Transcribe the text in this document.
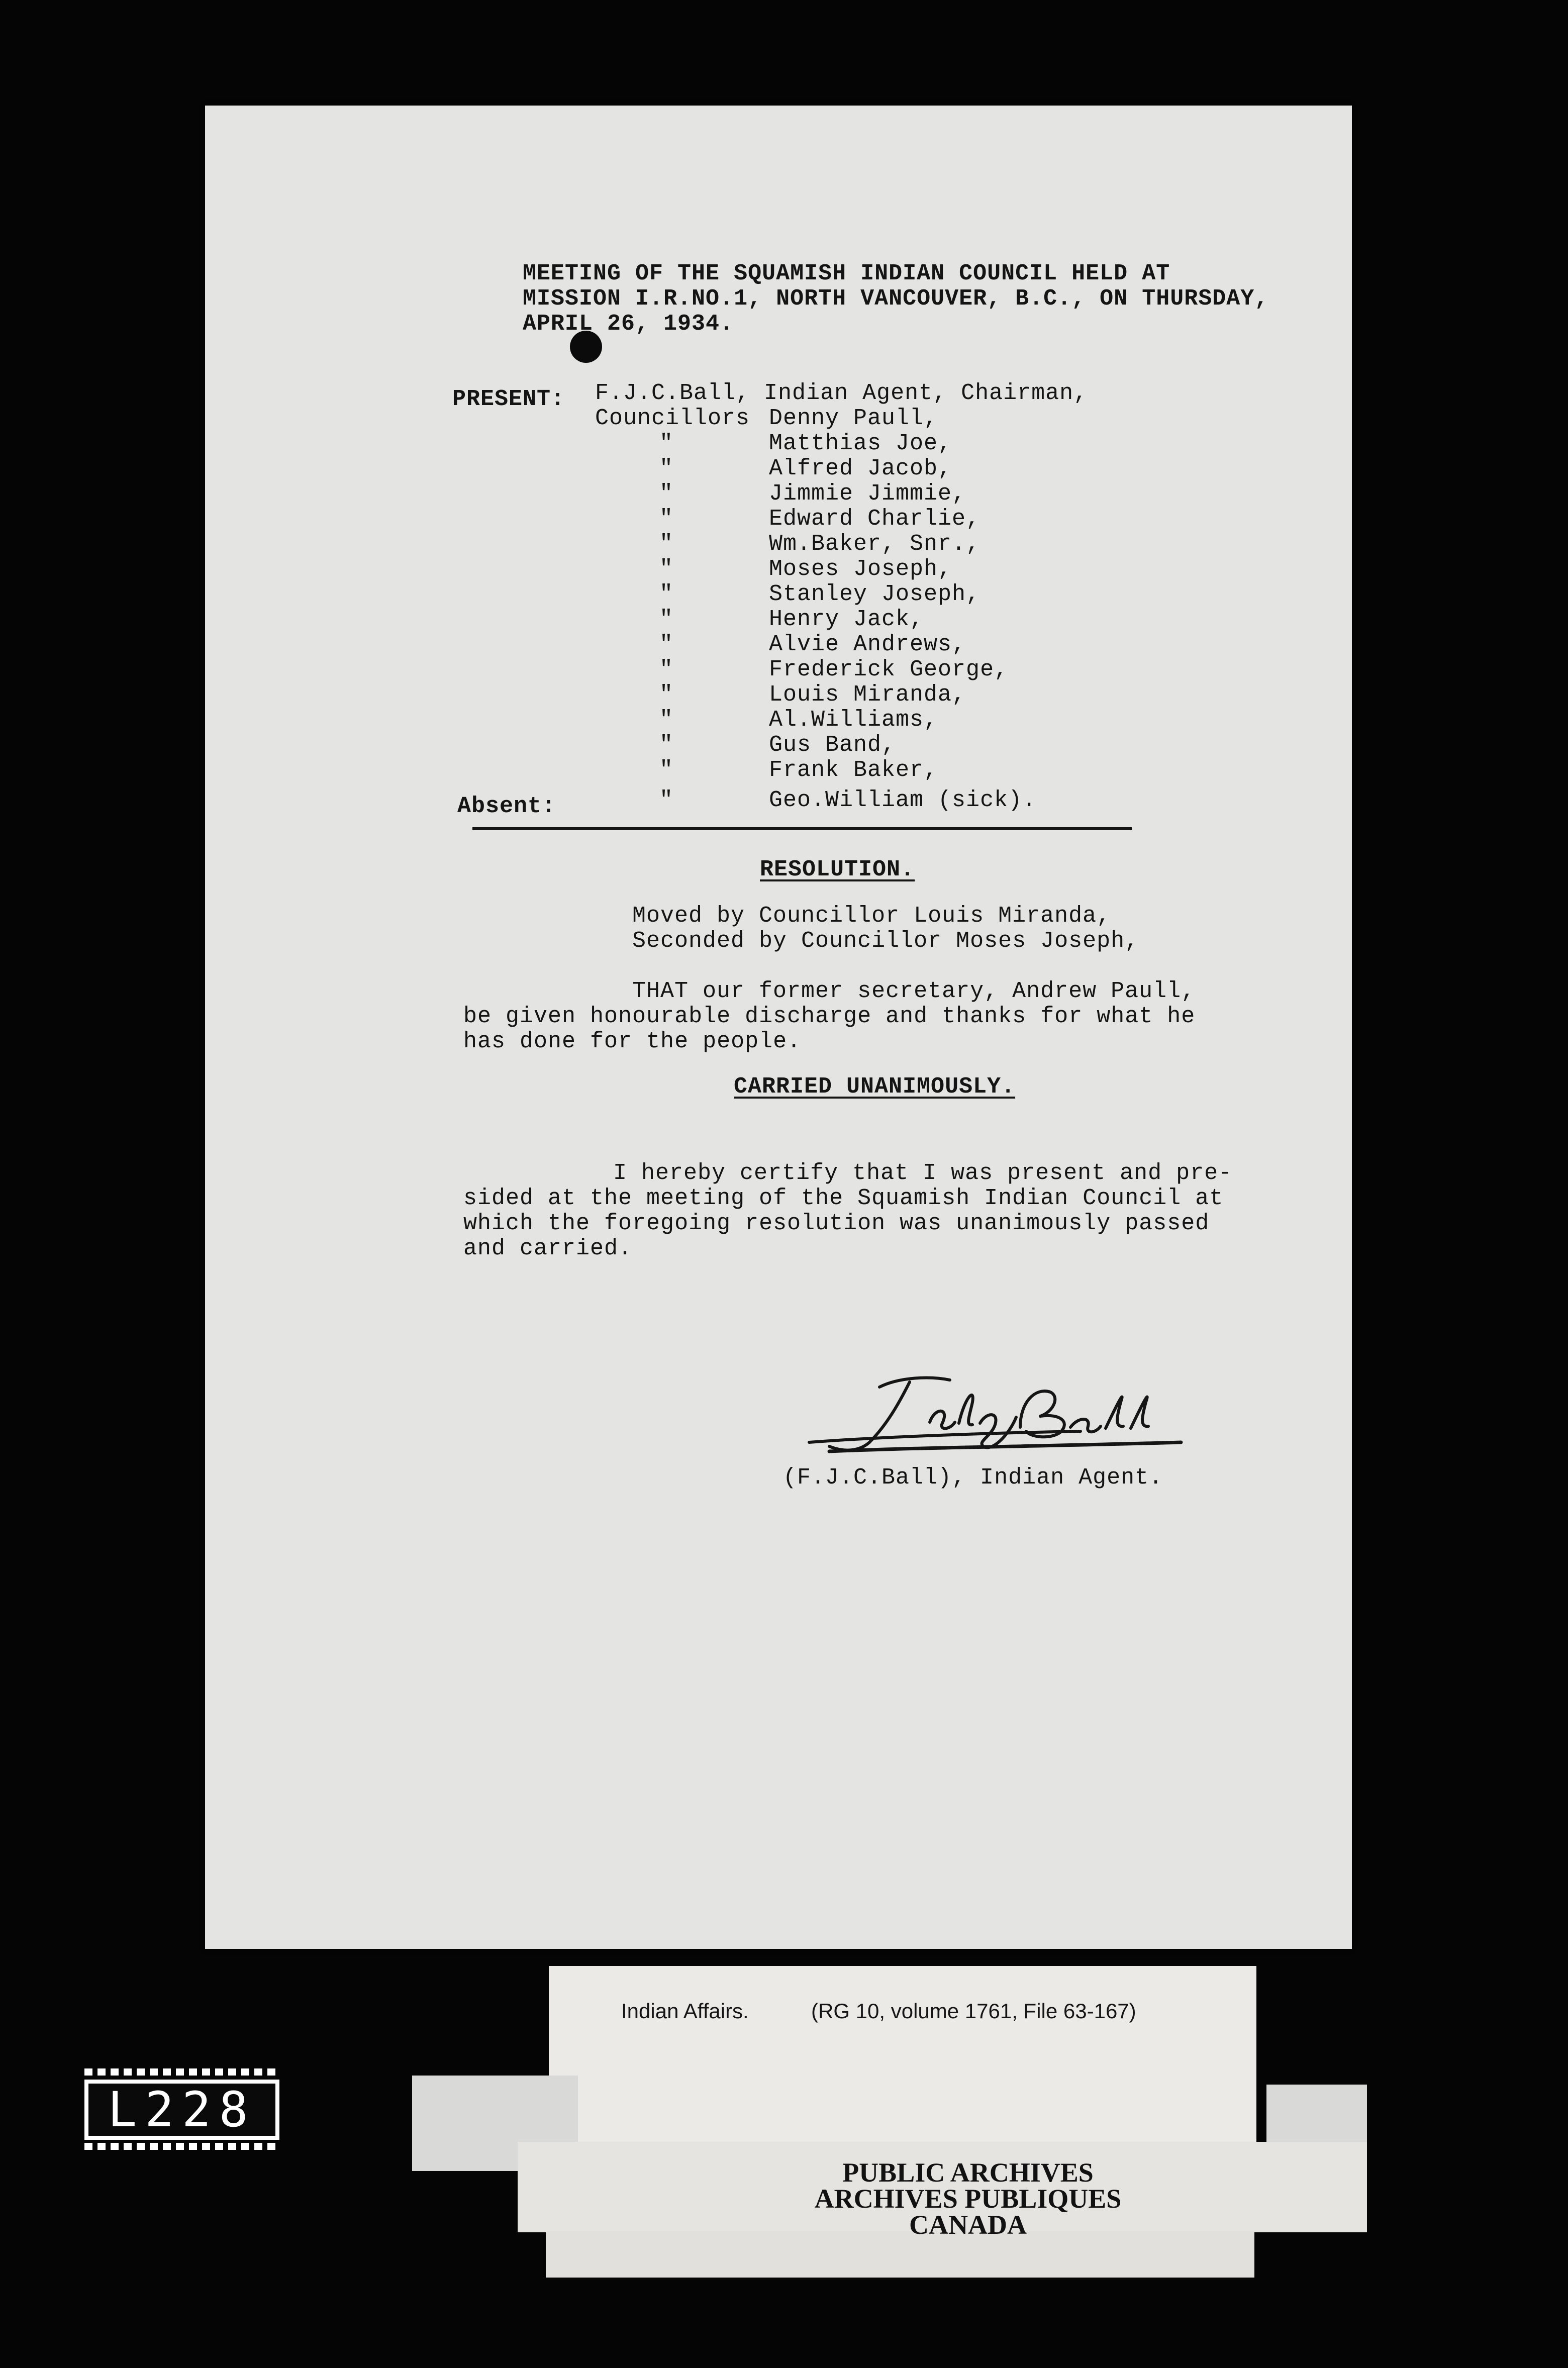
MEETING OF THE SQUAMISH INDIAN COUNCIL HELD AT
MISSION I.R.NO.1, NORTH VANCOUVER, B.C., ON THURSDAY,
APRIL 26, 1934.
PRESENT: F.J.C.Ball, Indian Agent, Chairman,
Councillors Denny Paull,
"	Matthias Joe,
"	Alfred Jacob,
"	Jimmie Jimmie,
"	Edward Charlie,
"	Wm.Baker, Snr.,
"	Moses Joseph,
"	Stanley Joseph,
"	Henry Jack,
"	Alvie Andrews,
"	Frederick George,
"	Louis Miranda,
"	Al.Williams,
"	Gus Band,
"	Frank Baker,
Absent:	"	Geo.William (sick).
RESOLUTION.
Moved by Councillor Louis Miranda,
Seconded by Councillor Moses Joseph,
THAT our former secretary, Andrew Paull,
be given honourable discharge and thanks for what he
has done for the people.
CARRIED UNANIMOUSLY.
I hereby certify that I was present and pre-
sided at the meeting of the Squamish Indian Council at
which the foregoing resolution was unanimously passed
and carried.
(F.J.C.Ball), Indian Agent.
Indian Affairs.	(RG 10, volume 1761, File 63-167)
PUBLIC ARCHIVES
ARCHIVES PUBLIQUES
CANADA
L228
